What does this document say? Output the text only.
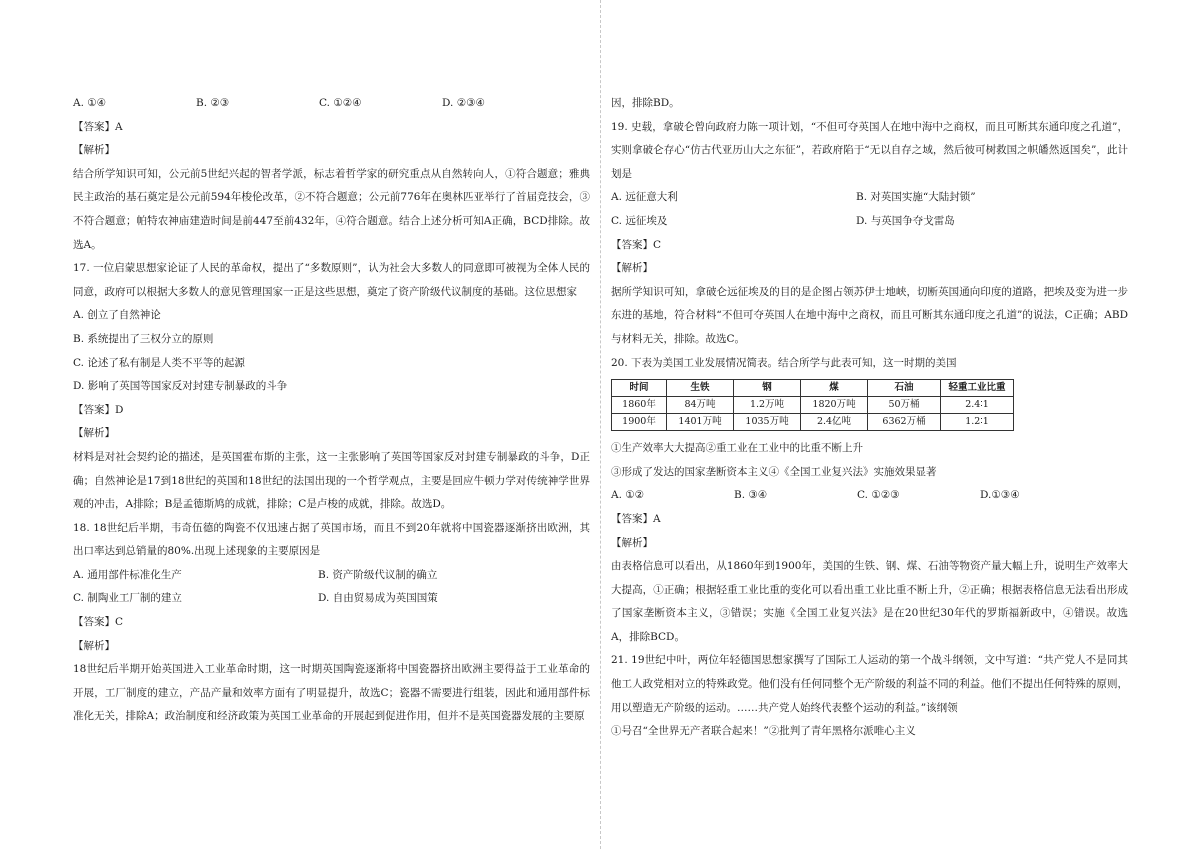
A. ①④	B. ②③	C. ①②④	D. ②③④
【答案】A
【解析】
结合所学知识可知，公元前5世纪兴起的智者学派，标志着哲学家的研究重点从自然转向人，①符合题意；雅典民主政治的基石奠定是公元前594年梭伦改革，②不符合题意；公元前776年在奥林匹亚举行了首届竞技会，③不符合题意；帕特农神庙建造时间是前447至前432年，④符合题意。结合上述分析可知A正确，BCD排除。故选A。
17. 一位启蒙思想家论证了人民的革命权，提出了“多数原则”，认为社会大多数人的同意即可被视为全体人民的同意，政府可以根据大多数人的意见管理国家一正是这些思想，奠定了资产阶级代议制度的基础。这位思想家
A. 创立了自然神论
B. 系统提出了三权分立的原则
C. 论述了私有制是人类不平等的起源
D. 影响了英国等国家反对封建专制暴政的斗争
【答案】D
【解析】
材料是对社会契约论的描述，是英国霍布斯的主张，这一主张影响了英国等国家反对封建专制暴政的斗争，D正确；自然神论是17到18世纪的英国和18世纪的法国出现的一个哲学观点，主要是回应牛顿力学对传统神学世界观的冲击，A排除；B是孟德斯鸠的成就，排除；C是卢梭的成就，排除。故选D。
18. 18世纪后半期，韦奇伍德的陶瓷不仅迅速占据了英国市场，而且不到20年就将中国瓷器逐渐挤出欧洲，其出口率达到总销量的80%.出现上述现象的主要原因是
A. 通用部件标准化生产	B. 资产阶级代议制的确立
C. 制陶业工厂制的建立	D. 自由贸易成为英国国策
【答案】C
【解析】
18世纪后半期开始英国进入工业革命时期，这一时期英国陶瓷逐渐将中国瓷器挤出欧洲主要得益于工业革命的开展，工厂制度的建立，产品产量和效率方面有了明显提升，故选C；瓷器不需要进行组装，因此和通用部件标准化无关，排除A；政治制度和经济政策为英国工业革命的开展起到促进作用，但并不是英国瓷器发展的主要原
因，排除BD。
19. 史载，拿破仑曾向政府力陈一项计划，“不但可夺英国人在地中海中之商权，而且可断其东通印度之孔道”，实则拿破仑存心“仿古代亚历山大之东征”，若政府陷于“无以自存之域，然后彼可树救国之帜皤然返国矣”，此计划是
A. 远征意大利	B. 对英国实施“大陆封锁”
C. 远征埃及	D. 与英国争夺戈雷岛
【答案】C
【解析】
据所学知识可知，拿破仑远征埃及的目的是企图占领苏伊士地峡，切断英国通向印度的道路，把埃及变为进一步东进的基地，符合材料“不但可夺英国人在地中海中之商权，而且可断其东通印度之孔道”的说法，C正确；ABD与材料无关，排除。故选C。
20. 下表为美国工业发展情况简表。结合所学与此表可知，这一时期的美国
时间	生铁	钢	煤	石油	轻重工业比重
1860年	84万吨	1.2万吨	1820万吨	50万桶	2.4∶1
1900年	1401万吨	1035万吨	2.4亿吨	6362万桶	1.2∶1
①生产效率大大提高②重工业在工业中的比重不断上升
③形成了发达的国家垄断资本主义④《全国工业复兴法》实施效果显著
A. ①②	B. ③④	C. ①②③	D.①③④
【答案】A
【解析】
由表格信息可以看出，从1860年到1900年，美国的生铁、钢、煤、石油等物资产量大幅上升，说明生产效率大大提高，①正确；根据轻重工业比重的变化可以看出重工业比重不断上升，②正确；根据表格信息无法看出形成了国家垄断资本主义，③错误；实施《全国工业复兴法》是在20世纪30年代的罗斯福新政中，④错误。故选A，排除BCD。
21. 19世纪中叶，两位年轻德国思想家撰写了国际工人运动的第一个战斗纲领，文中写道：“共产党人不是同其他工人政党相对立的特殊政党。他们没有任何同整个无产阶级的利益不同的利益。他们不提出任何特殊的原则，用以塑造无产阶级的运动。……共产党人始终代表整个运动的利益。”该纲领
①号召“全世界无产者联合起来！”②批判了青年黑格尔派唯心主义
